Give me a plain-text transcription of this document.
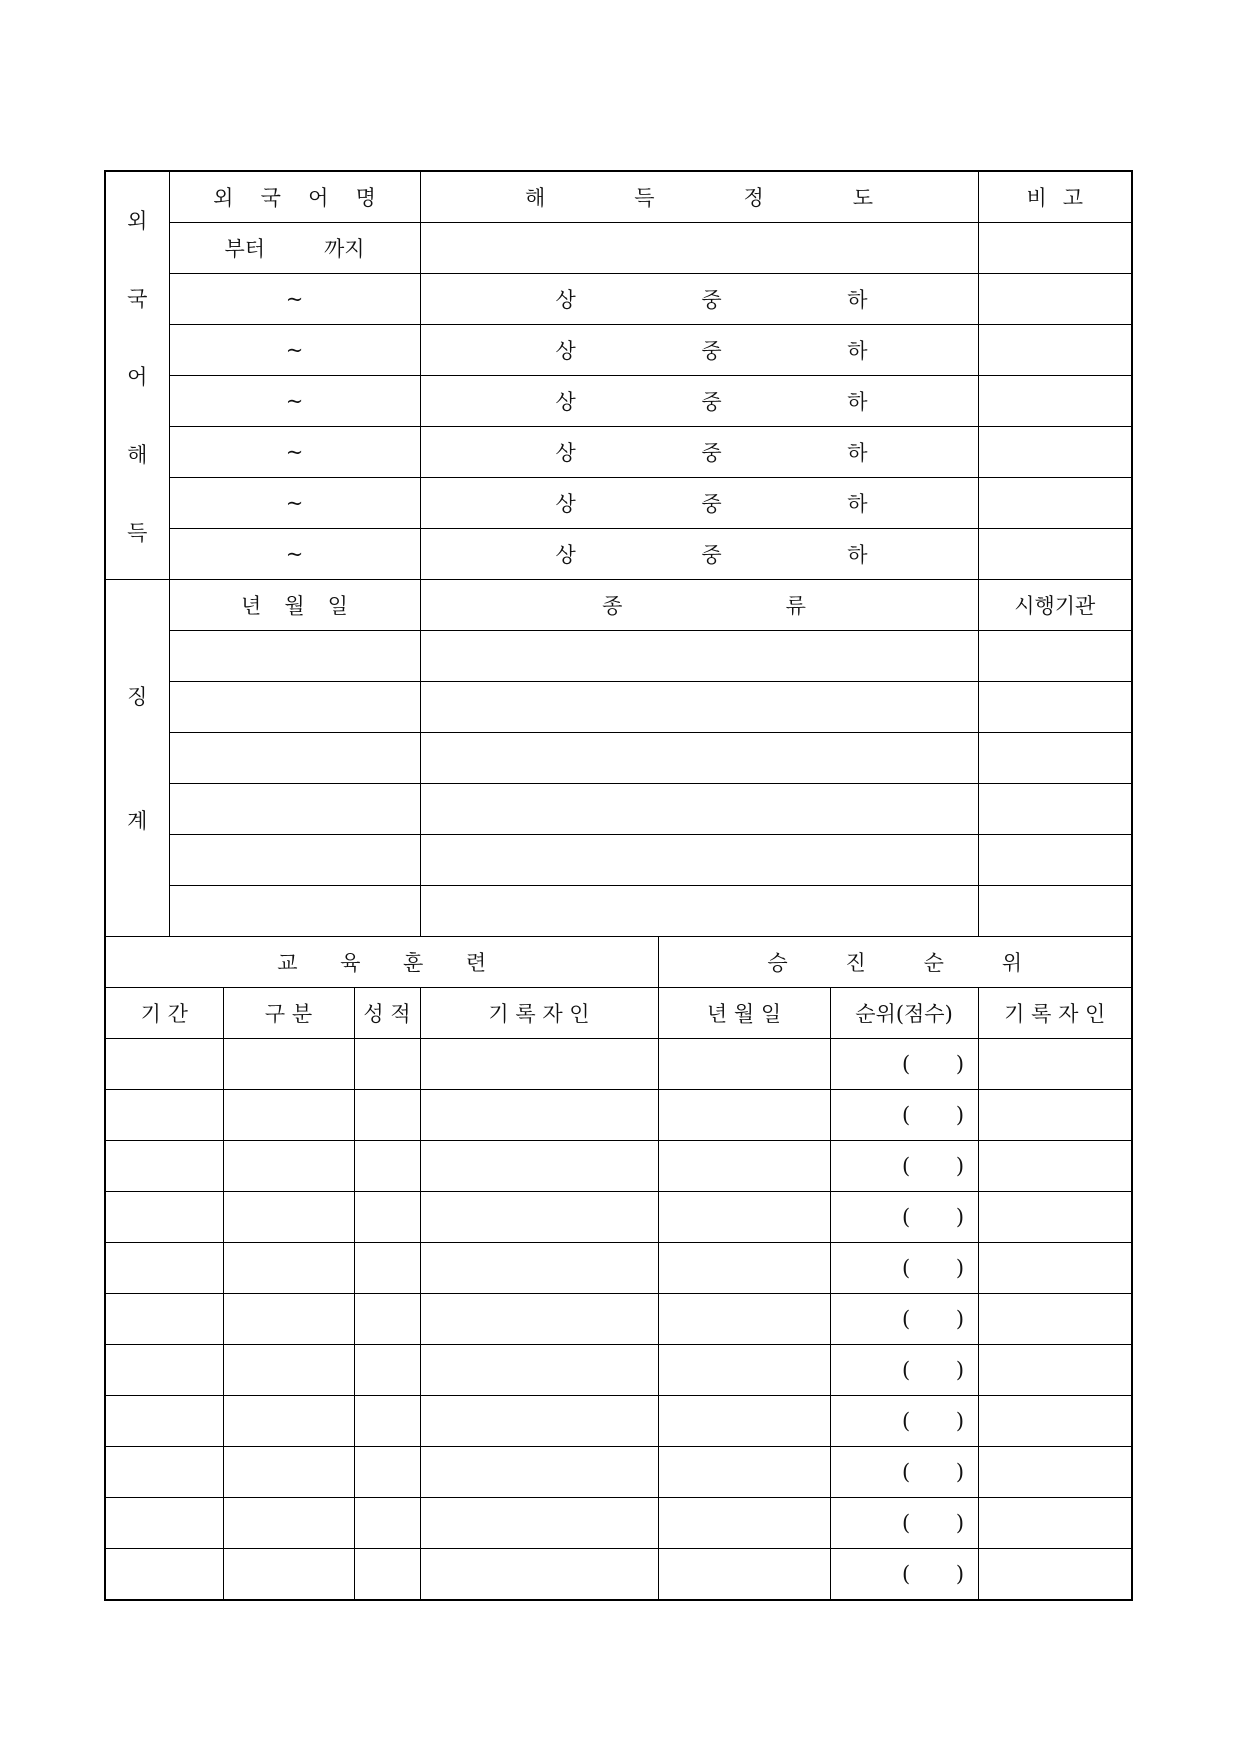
외
국
어
해
득	외 국 어 명			해 득 정 도			비 고

	부터 까지						

	~			상 중 하			

	~			상 중 하			

	~			상 중 하			

	~			상 중 하			

	~			상 중 하			

	~			상 중 하			

징
계	년 월 일			종 류			시행기관

교 육 훈 련					승 진 순 위		

기 간		구 분	성 적	기 록 자 인	년 월 일	순위(점수)	기 록 자 인

						( )	

						( )	

						( )	

						( )	

						( )	

						( )	

						( )	

						( )	

						( )	

						( )	

						( )	
